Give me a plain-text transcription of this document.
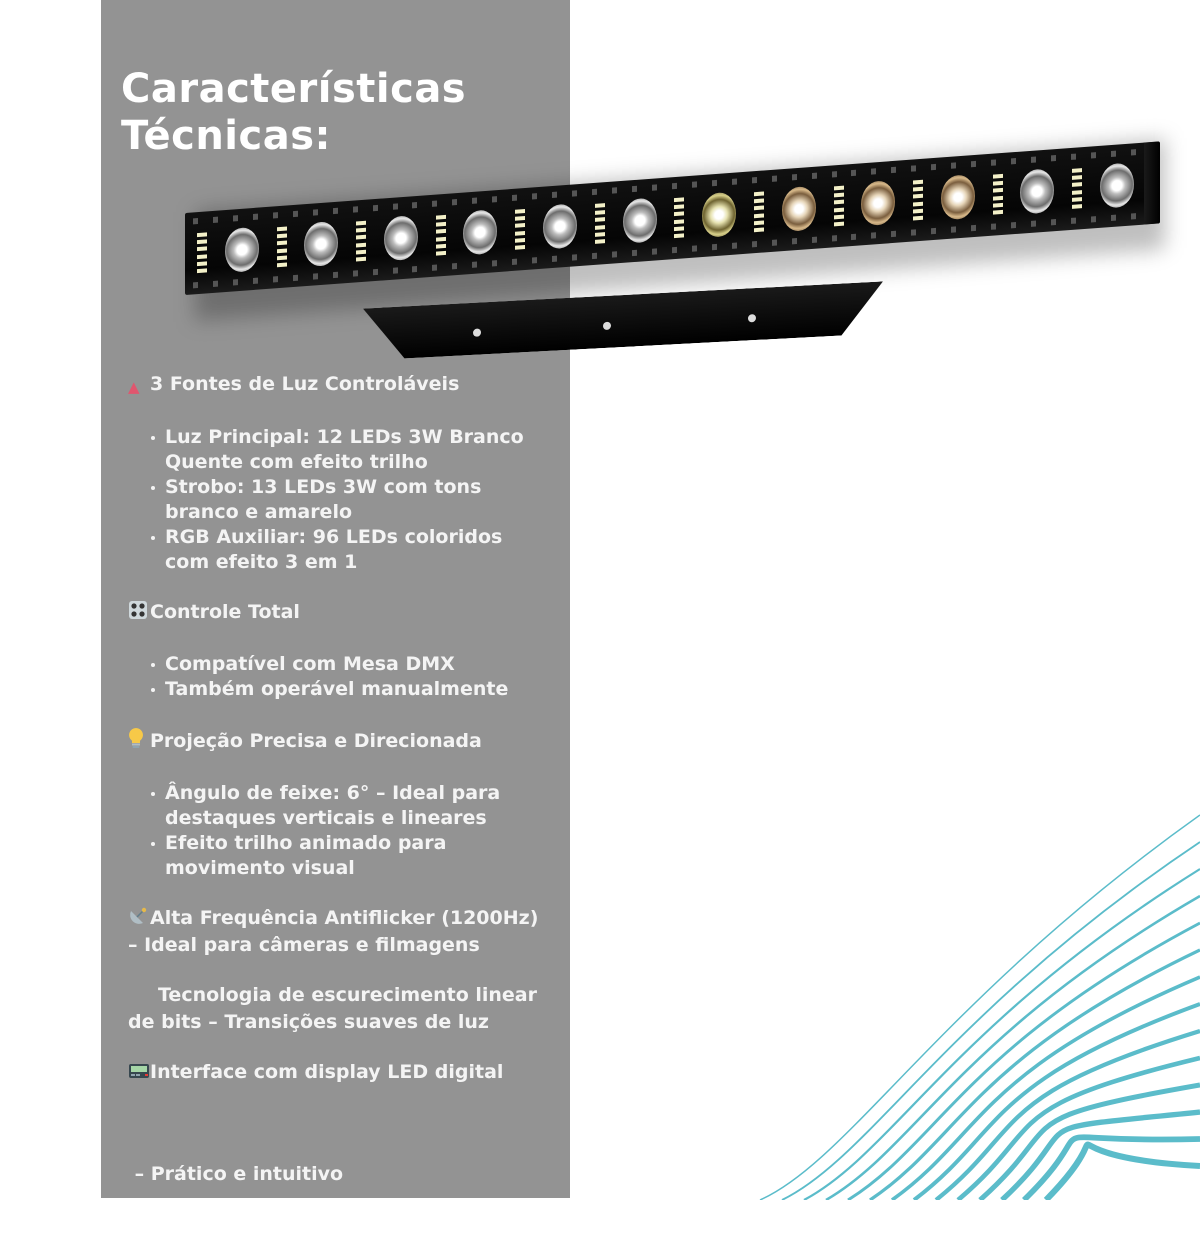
Características
Técnicas:
▲ 3 Fontes de Luz Controláveis
Luz Principal: 12 LEDs 3W Branco Quente com efeito trilho
Strobo: 13 LEDs 3W com tons branco e amarelo
RGB Auxiliar: 96 LEDs coloridos com efeito 3 em 1
Controle Total
Compatível com Mesa DMX
Também operável manualmente
Projeção Precisa e Direcionada
Ângulo de feixe: 6° – Ideal para destaques verticais e lineares
Efeito trilho animado para movimento visual
Alta Frequência Antiflicker (1200Hz) – Ideal para câmeras e filmagens
Tecnologia de escurecimento linear de bits – Transições suaves de luz
Interface com display LED digital

– Prático e intuitivo
